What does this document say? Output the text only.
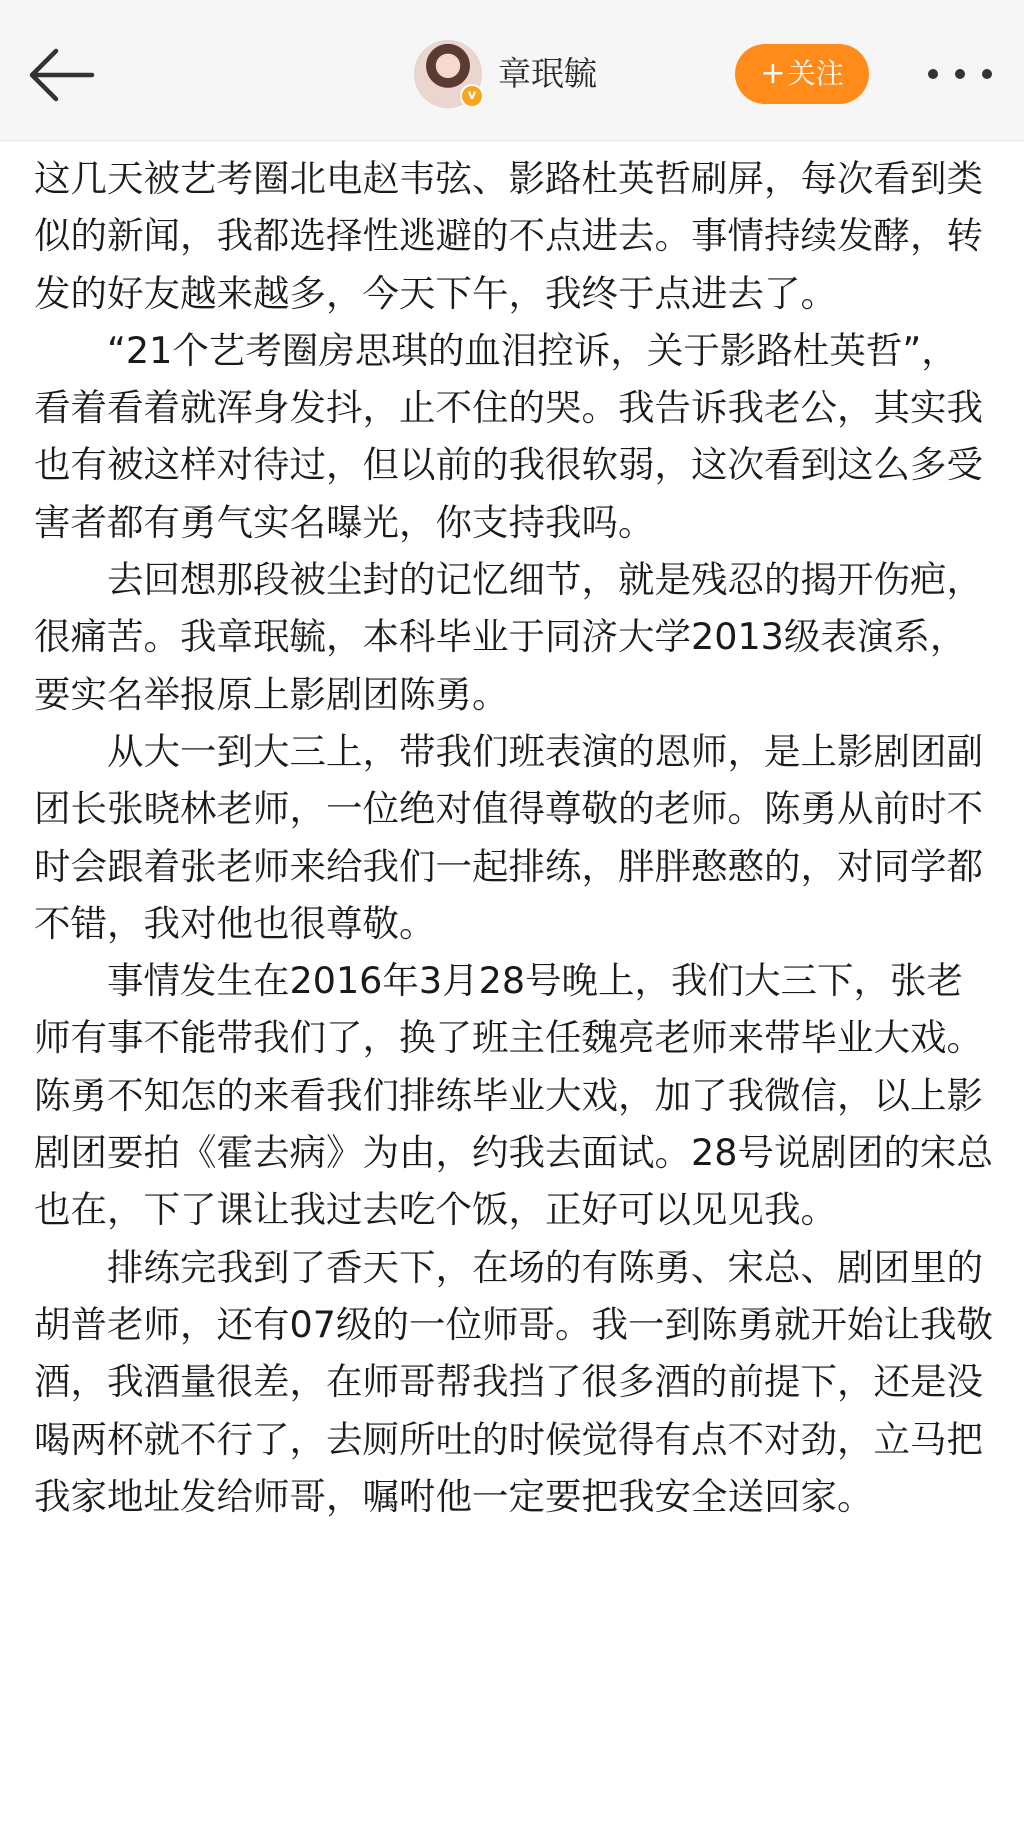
v
章珉毓	+关注

这几天被艺考圈北电赵韦弦、影路杜英哲刷屏，每次看到类似的新闻，我都选择性逃避的不点进去。事情持续发酵，转发的好友越来越多，今天下午，我终于点进去了。

“21个艺考圈房思琪的血泪控诉，关于影路杜英哲”，看着看着就浑身发抖，止不住的哭。我告诉我老公，其实我也有被这样对待过，但以前的我很软弱，这次看到这么多受害者都有勇气实名曝光，你支持我吗。

去回想那段被尘封的记忆细节，就是残忍的揭开伤疤，很痛苦。我章珉毓，本科毕业于同济大学2013级表演系，要实名举报原上影剧团陈勇。

从大一到大三上，带我们班表演的恩师，是上影剧团副团长张晓林老师，一位绝对值得尊敬的老师。陈勇从前时不时会跟着张老师来给我们一起排练，胖胖憨憨的，对同学都不错，我对他也很尊敬。

事情发生在2016年3月28号晚上，我们大三下，张老师有事不能带我们了，换了班主任魏亮老师来带毕业大戏。陈勇不知怎的来看我们排练毕业大戏，加了我微信，以上影剧团要拍《霍去病》为由，约我去面试。28号说剧团的宋总也在，下了课让我过去吃个饭，正好可以见见我。

排练完我到了香天下，在场的有陈勇、宋总、剧团里的胡普老师，还有07级的一位师哥。我一到陈勇就开始让我敬酒，我酒量很差，在师哥帮我挡了很多酒的前提下，还是没喝两杯就不行了，去厕所吐的时候觉得有点不对劲，立马把我家地址发给师哥，嘱咐他一定要把我安全送回家。
